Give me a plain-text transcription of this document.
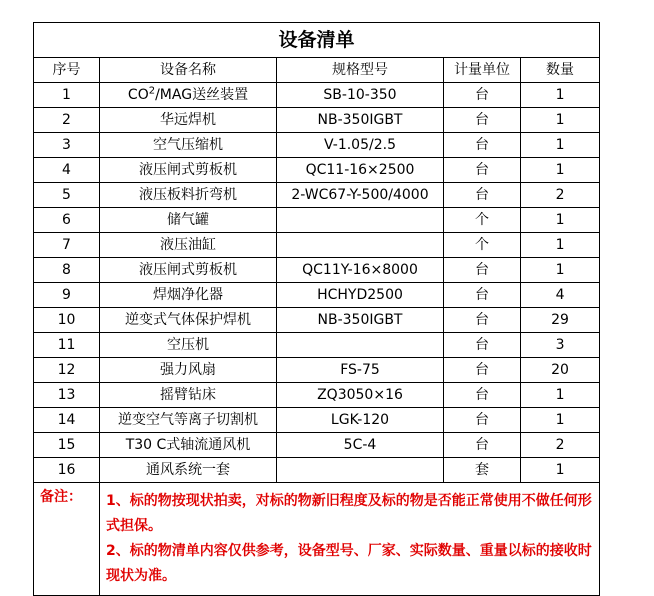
设备清单				
序号	设备名称	规格型号	计量单位	数量
1	$CO^2$/MAG送丝装置	SB-10-350	台	1
2	华远焊机	NB-350IGBT	台	1
3	空气压缩机	V-1.05/2.5	台	1
4	液压闸式剪板机	QC11-16×2500	台	1
5	液压板料折弯机	2-WC67-Y-500/4000	台	2
6	储气罐		个	1
7	液压油缸		个	1
8	液压闸式剪板机	QC11Y-16×8000	台	1
9	焊烟净化器	HCHYD2500	台	4
10	逆变式气体保护焊机	NB-350IGBT	台	29
11	空压机		台	3
12	强力风扇	FS-75	台	20
13	摇臂钻床	ZQ3050×16	台	1
14	逆变空气等离子切割机	LGK-120	台	1
15	T30 C式轴流通风机	5C-4	台	2
16	通风系统一套		套	1
备注：	1、标的物按现状拍卖，对标的物新旧程度及标的物是否能正常使用不做任何形式担保。
2、标的物清单内容仅供参考，设备型号、厂家、实际数量、重量以标的接收时现状为准。			
